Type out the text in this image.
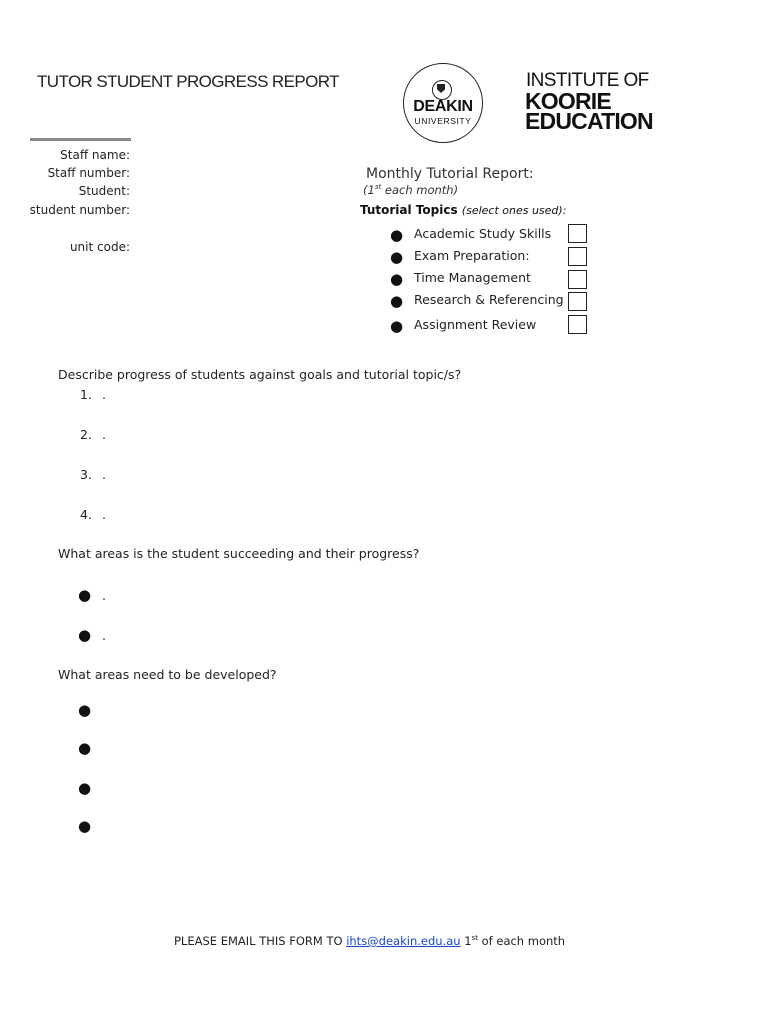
TUTOR STUDENT PROGRESS REPORT
DEAKIN
UNIVERSITY
INSTITUTE OF
KOORIE
EDUCATION
Staff name:
Staff number:
Student:
student number:
unit code:
Monthly Tutorial Report:
(1st each month)
Tutorial Topics (select ones used):
● Academic Study Skills
● Exam Preparation:
● Time Management
● Research & Referencing
● Assignment Review
Describe progress of students against goals and tutorial topic/s?
1. .
2. .
3. .
4. .
What areas is the student succeeding and their progress?
● .
● .
What areas need to be developed?
●
●
●
●
PLEASE EMAIL THIS FORM TO ihts@deakin.edu.au 1st of each month
